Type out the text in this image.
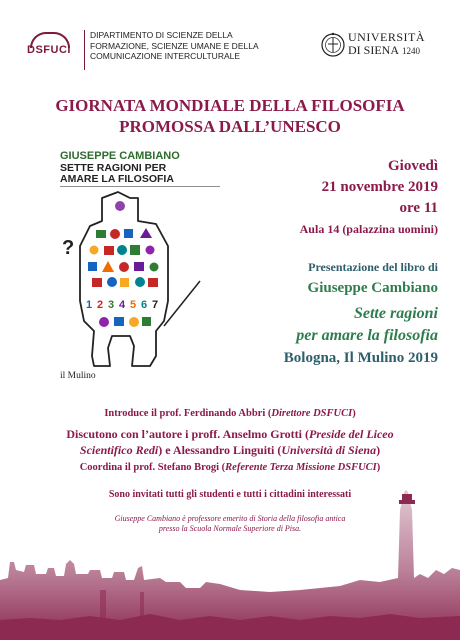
DSFUCI
DIPARTIMENTO DI SCIENZE DELLA
FORMAZIONE, SCIENZE UMANE E DELLA
COMUNICAZIONE INTERCULTURALE
UNIVERSITÀ
DI SIENA 1240
GIORNATA MONDIALE DELLA FILOSOFIA
PROMOSSA DALL’UNESCO
GIUSEPPE CAMBIANO
SETTE RAGIONI PER
AMARE LA FILOSOFIA
?
1 2 3 4 5 6 7
il Mulino
Giovedì
21 novembre 2019
ore 11
Aula 14 (palazzina uomini)
Presentazione del libro di
Giuseppe Cambiano
Sette ragioni
per amare la filosofia
Bologna, Il Mulino 2019
Introduce il prof. Ferdinando Abbri (Direttore DSFUCI)
Discutono con l’autore i proff. Anselmo Grotti (Preside del Liceo
Scientifico Redi) e Alessandro Linguiti (Università di Siena)
Coordina il prof. Stefano Brogi (Referente Terza Missione DSFUCI)
Sono invitati tutti gli studenti e tutti i cittadini interessati
Giuseppe Cambiano è professore emerito di Storia della filosofia antica
presso la Scuola Normale Superiore di Pisa.
